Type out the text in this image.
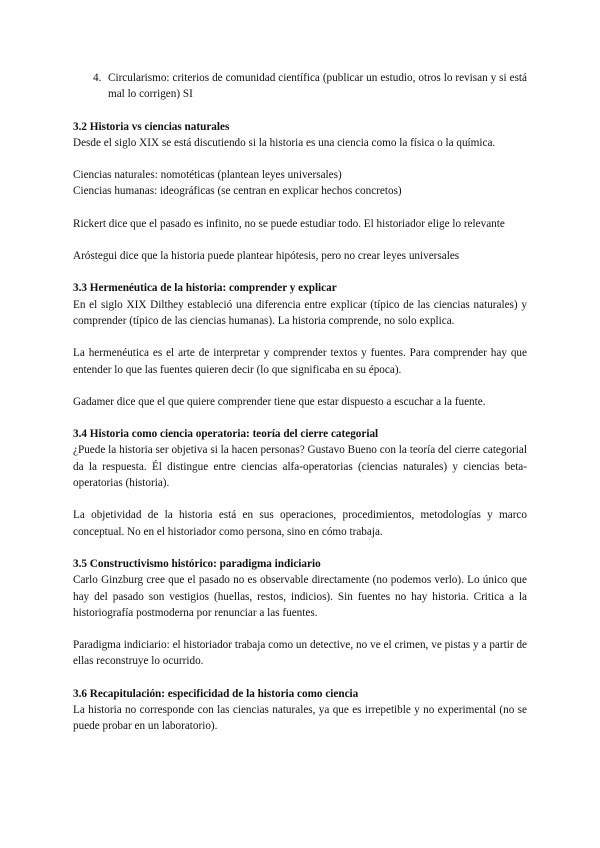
4. Circularismo: criterios de comunidad científica (publicar un estudio, otros lo revisan y si está mal lo corrigen) SI
3.2 Historia vs ciencias naturales

Desde el siglo XIX se está discutiendo si la historia es una ciencia como la física o la química.

Ciencias naturales: nomotéticas (plantean leyes universales)

Ciencias humanas: ideográficas (se centran en explicar hechos concretos)

Rickert dice que el pasado es infinito, no se puede estudiar todo. El historiador elige lo relevante

Aróstegui dice que la historia puede plantear hipótesis, pero no crear leyes universales

3.3 Hermenéutica de la historia: comprender y explicar

En el siglo XIX Dilthey estableció una diferencia entre explicar (típico de las ciencias naturales) y comprender (típico de las ciencias humanas). La historia comprende, no solo explica.

La hermenéutica es el arte de interpretar y comprender textos y fuentes. Para comprender hay que entender lo que las fuentes quieren decir (lo que significaba en su época).

Gadamer dice que el que quiere comprender tiene que estar dispuesto a escuchar a la fuente.

3.4 Historia como ciencia operatoria: teoría del cierre categorial

¿Puede la historia ser objetiva si la hacen personas? Gustavo Bueno con la teoría del cierre categorial da la respuesta. Él distingue entre ciencias alfa-operatorias (ciencias naturales) y ciencias beta-operatorias (historia).

La objetividad de la historia está en sus operaciones, procedimientos, metodologías y marco conceptual. No en el historiador como persona, sino en cómo trabaja.

3.5 Constructivismo histórico: paradigma indiciario

Carlo Ginzburg cree que el pasado no es observable directamente (no podemos verlo). Lo único que hay del pasado son vestigios (huellas, restos, indicios). Sin fuentes no hay historia. Critica a la historiografía postmoderna por renunciar a las fuentes.

Paradigma indiciario: el historiador trabaja como un detective, no ve el crimen, ve pistas y a partir de ellas reconstruye lo ocurrido.

3.6 Recapitulación: especificidad de la historia como ciencia

La historia no corresponde con las ciencias naturales, ya que es irrepetible y no experimental (no se puede probar en un laboratorio).
